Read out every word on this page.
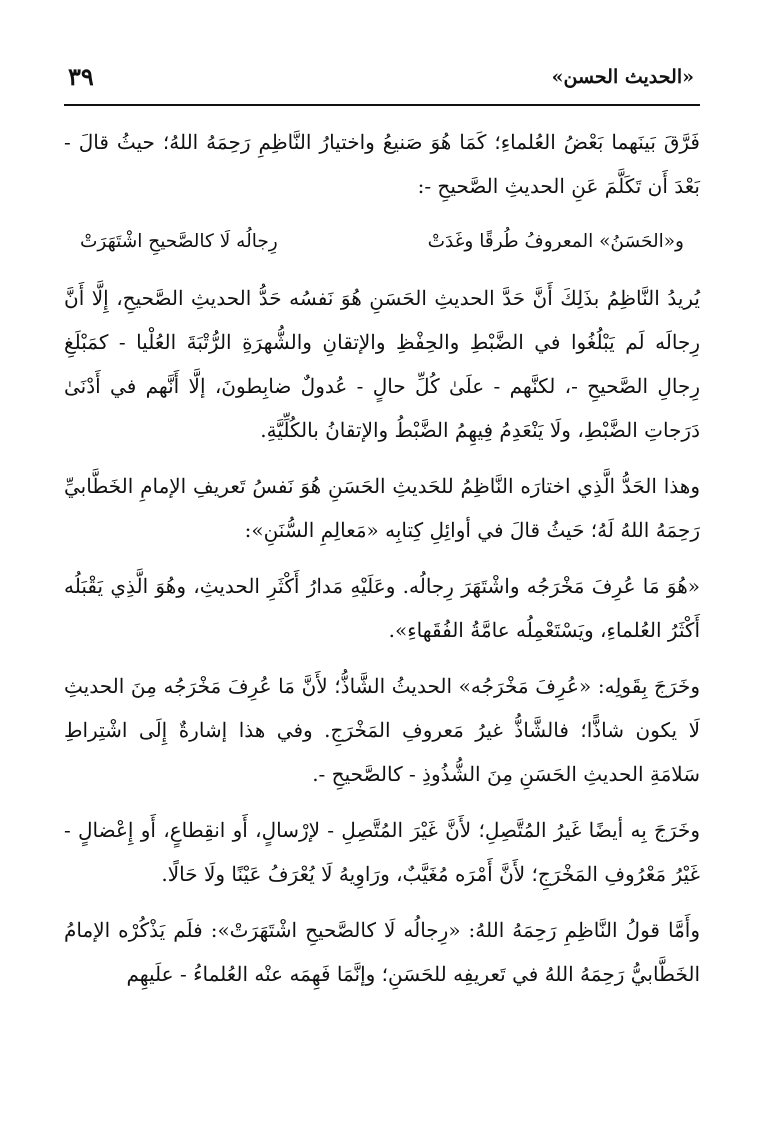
«الحديث الحسن»
٣٩

فَرَّقَ بَينَهما بَعْضُ العُلماءِ؛ كَمَا هُوَ صَنيعُ واختيارُ النَّاظِمِ رَحِمَهُ اللهُ؛ حيثُ قالَ - بَعْدَ أَن تَكَلَّمَ عَنِ الحديثِ الصَّحيحِ -:

و«الحَسَنُ» المعروفُ طُرقًا وغَدَتْ
رِجالُه لَا كالصَّحيحِ اشْتَهَرَتْ

يُريدُ النَّاظِمُ بذَلِكَ أَنَّ حَدَّ الحديثِ الحَسَنِ هُوَ نَفسُه حَدُّ الحديثِ الصَّحيحِ، إِلَّا أَنَّ رِجالَه لَم يَبْلُغُوا في الضَّبْطِ والحِفْظِ والإتقانِ والشُّهرَةِ الرُّتْبَةَ العُلْيا - كمَبْلَغِ رِجالِ الصَّحيحِ -، لكنَّهم - علَىٰ كُلِّ حالٍ - عُدولٌ ضابِطونَ، إلَّا أَنَّهم في أَدْنَىٰ دَرَجاتِ الضَّبْطِ، ولَا يَنْعَدِمُ فِيهِمُ الضَّبْطُ والإتقانُ بالكُلِّيَّةِ.

وهذا الحَدُّ الَّذِي اختارَه النَّاظِمُ للحَديثِ الحَسَنِ هُوَ نَفسُ تَعريفِ الإمامِ الخَطَّابيِّ رَحِمَهُ اللهُ لَهُ؛ حَيثُ قالَ في أوائِلِ كِتابِه «مَعالِمِ السُّنَنِ»:

«هُوَ مَا عُرِفَ مَخْرَجُه واشْتَهَرَ رِجالُه. وعَلَيْهِ مَدارُ أَكْثَرِ الحديثِ، وهُوَ الَّذِي يَقْبَلُه أَكْثَرُ العُلماءِ، ويَسْتَعْمِلُه عامَّةُ الفُقَهاءِ».

وخَرَجَ بِقَولِه: «عُرِفَ مَخْرَجُه» الحديثُ الشَّاذُّ؛ لأَنَّ مَا عُرِفَ مَخْرَجُه مِنَ الحديثِ لَا يكون شاذًّا؛ فالشَّاذُّ غيرُ مَعروفِ المَخْرَجِ. وفي هذا إشارةٌ إِلَى اشْتِراطِ سَلامَةِ الحديثِ الحَسَنِ مِنَ الشُّذُوذِ - كالصَّحيحِ -.

وخَرَجَ بِه أيضًا غَيرُ المُتَّصِلِ؛ لأَنَّ غَيْرَ المُتَّصِلِ - لإرْسالٍ، أَو انقِطاعٍ، أَو إِعْضالٍ - غَيْرُ مَعْرُوفِ المَخْرَجِ؛ لأَنَّ أَمْرَه مُغَيَّبٌ، ورَاوِيهُ لَا يُعْرَفُ عَيْنًا ولَا حَالًا.

وأَمَّا قولُ النَّاظِمِ رَحِمَهُ اللهُ: «رِجالُه لَا كالصَّحيحِ اشْتَهَرَتْ»: فلَم يَذْكُرْه الإمامُ الخَطَّابيُّ رَحِمَهُ اللهُ في تَعريفِه للحَسَنِ؛ وإنَّمَا فَهِمَه عنْه العُلماءُ - علَيهِم
